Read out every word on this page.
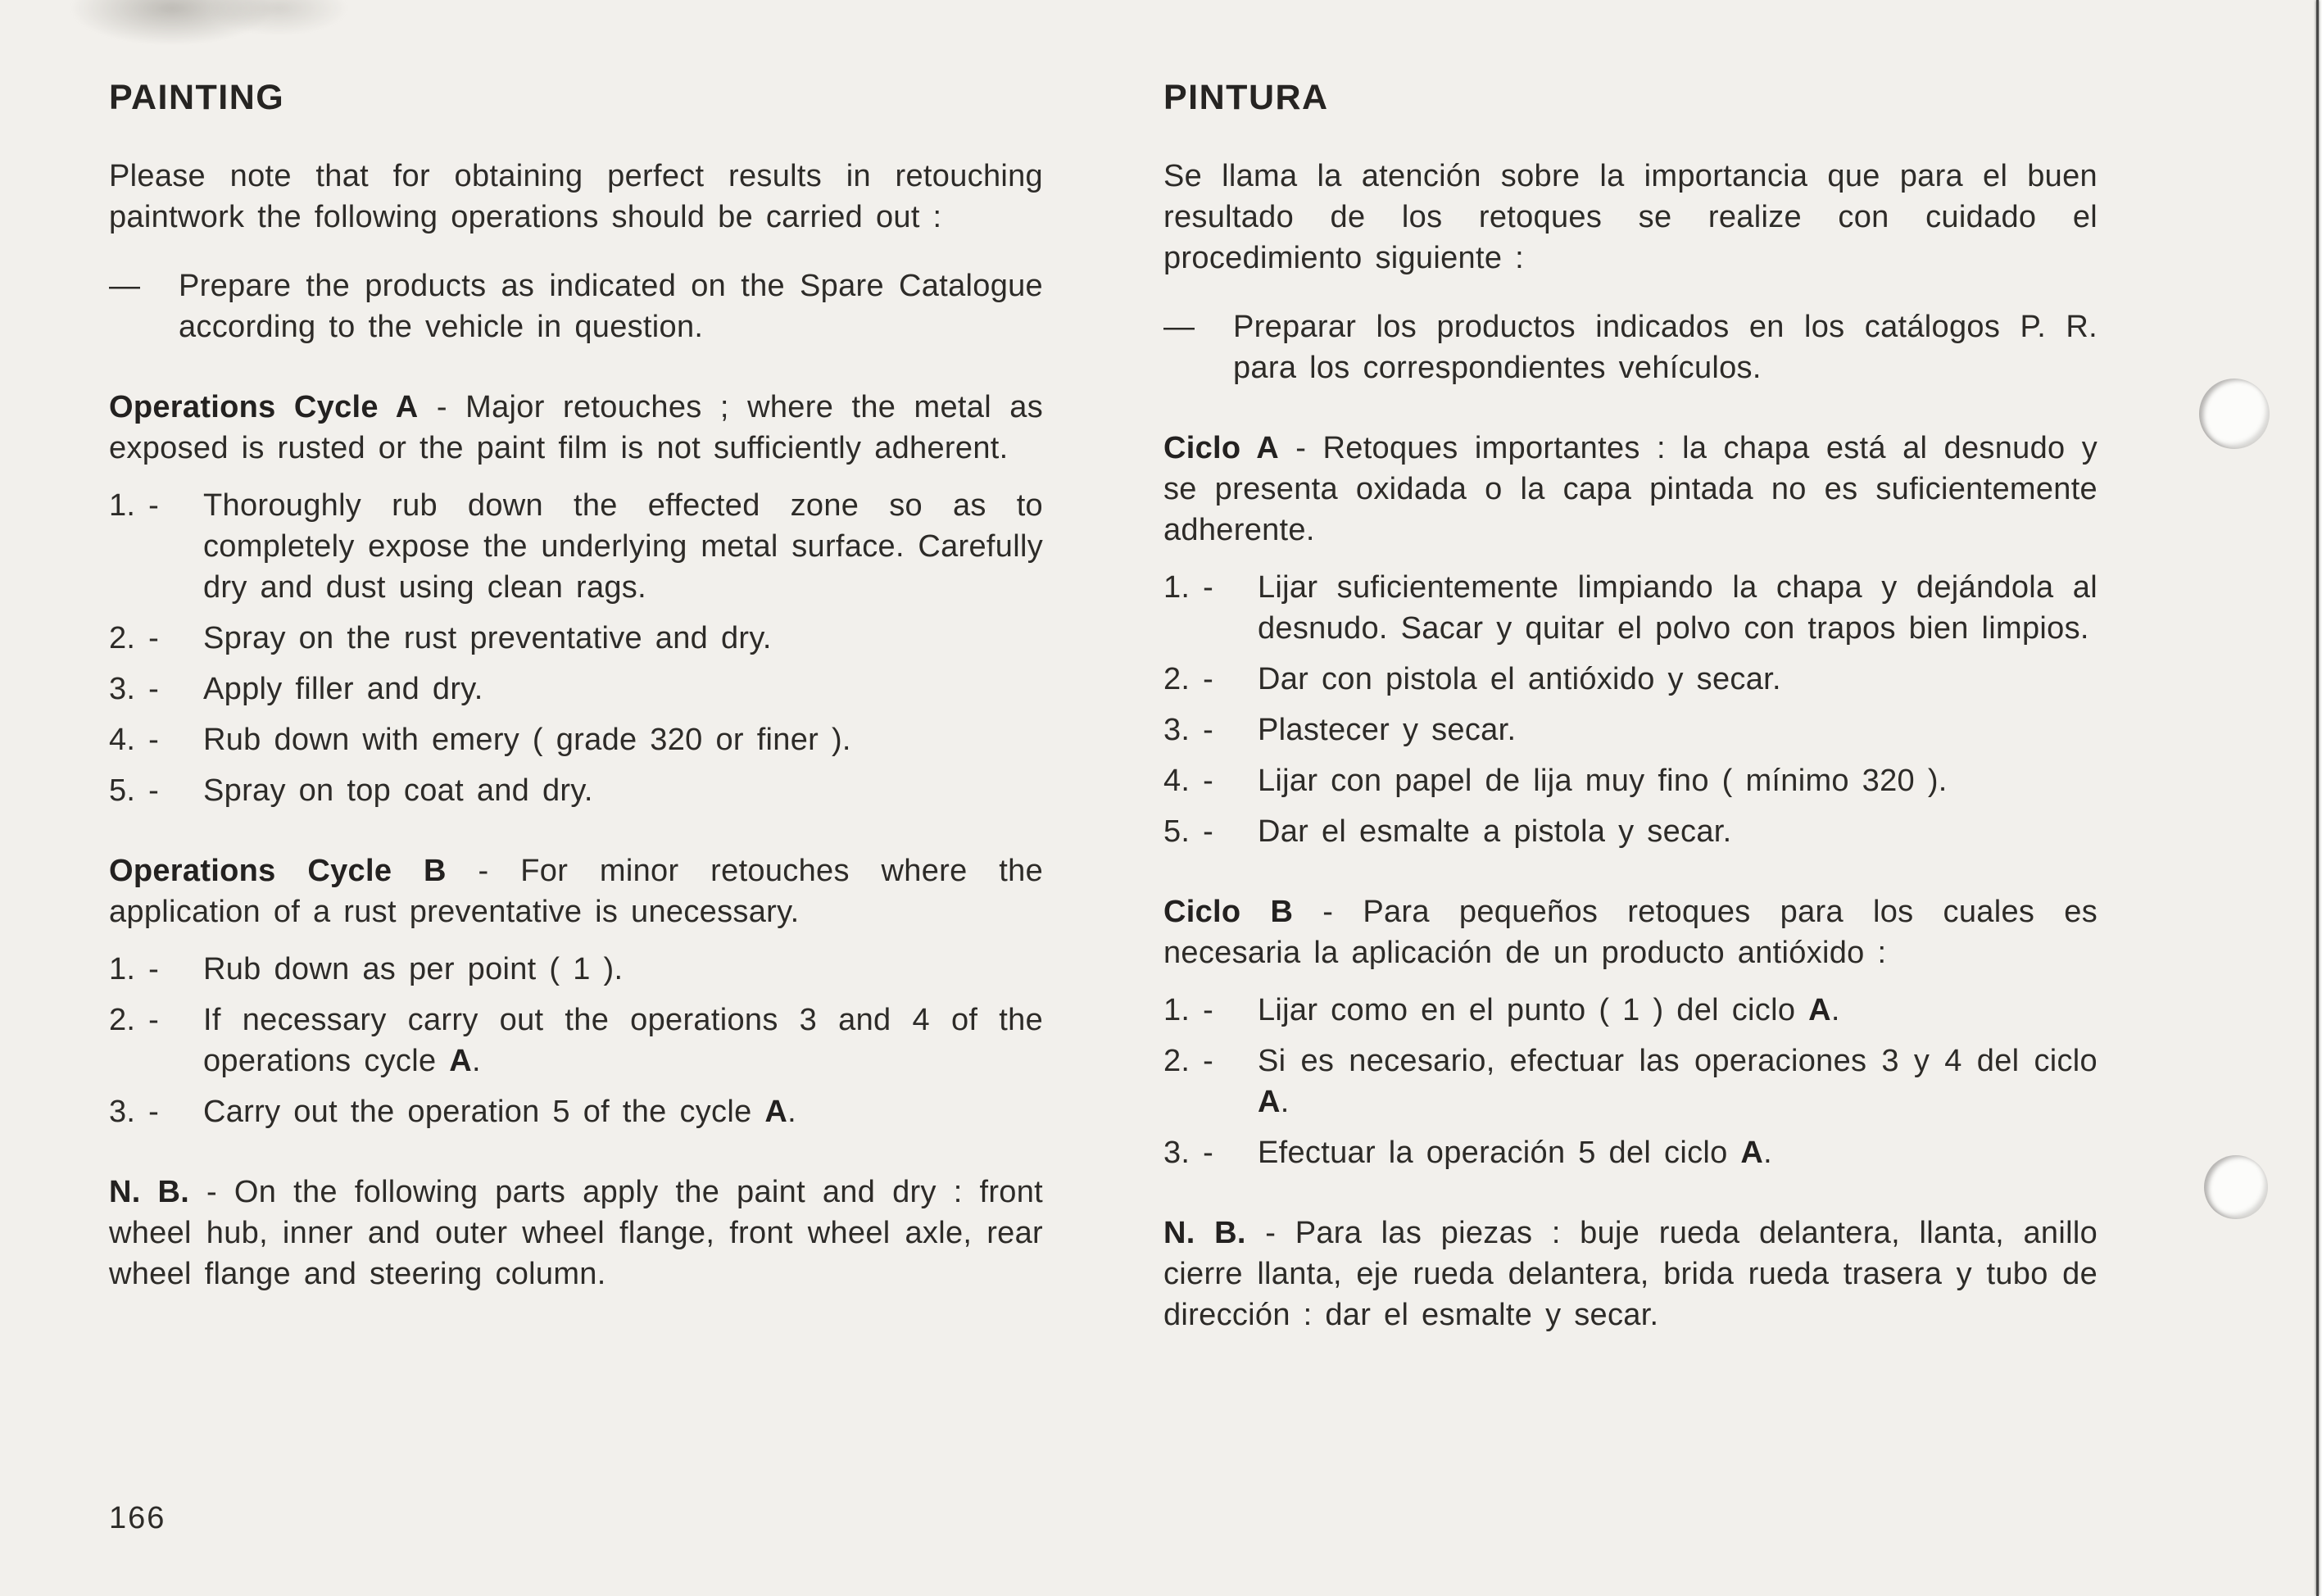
PAINTING

Please note that for obtaining perfect results in retouching paintwork the following operations should be carried out :

—	Prepare the products as indicated on the Spare Catalogue according to the vehicle in question.

Operations Cycle A - Major retouches ; where the metal as exposed is rusted or the paint film is not sufficiently adherent.

1. -	Thoroughly rub down the effected zone so as to completely expose the underlying metal surface. Carefully dry and dust using clean rags.
2. -	Spray on the rust preventative and dry.
3. -	Apply filler and dry.
4. -	Rub down with emery ( grade 320 or finer ).
5. -	Spray on top coat and dry.

Operations Cycle B - For minor retouches where the application of a rust preventative is unecessary.

1. -	Rub down as per point ( 1 ).
2. -	If necessary carry out the operations 3 and 4 of the operations cycle A.
3. -	Carry out the operation 5 of the cycle A.

N. B. - On the following parts apply the paint and dry : front wheel hub, inner and outer wheel flange, front wheel axle, rear wheel flange and steering column.

PINTURA

Se llama la atención sobre la importancia que para el buen resultado de los retoques se realize con cuidado el procedimiento siguiente :

—	Preparar los productos indicados en los catálogos P. R. para los correspondientes vehículos.

Ciclo A - Retoques importantes : la chapa está al desnudo y se presenta oxidada o la capa pintada no es suficientemente adherente.

1. -	Lijar suficientemente limpiando la chapa y dejándola al desnudo. Sacar y quitar el polvo con trapos bien limpios.
2. -	Dar con pistola el antióxido y secar.
3. -	Plastecer y secar.
4. -	Lijar con papel de lija muy fino ( mínimo 320 ).
5. -	Dar el esmalte a pistola y secar.

Ciclo B - Para pequeños retoques para los cuales es necesaria la aplicación de un producto antióxido :

1. -	Lijar como en el punto ( 1 ) del ciclo A.
2. -	Si es necesario, efectuar las operaciones 3 y 4 del ciclo A.
3. -	Efectuar la operación 5 del ciclo A.

N. B. - Para las piezas : buje rueda delantera, llanta, anillo cierre llanta, eje rueda delantera, brida rueda trasera y tubo de dirección : dar el esmalte y secar.

166
